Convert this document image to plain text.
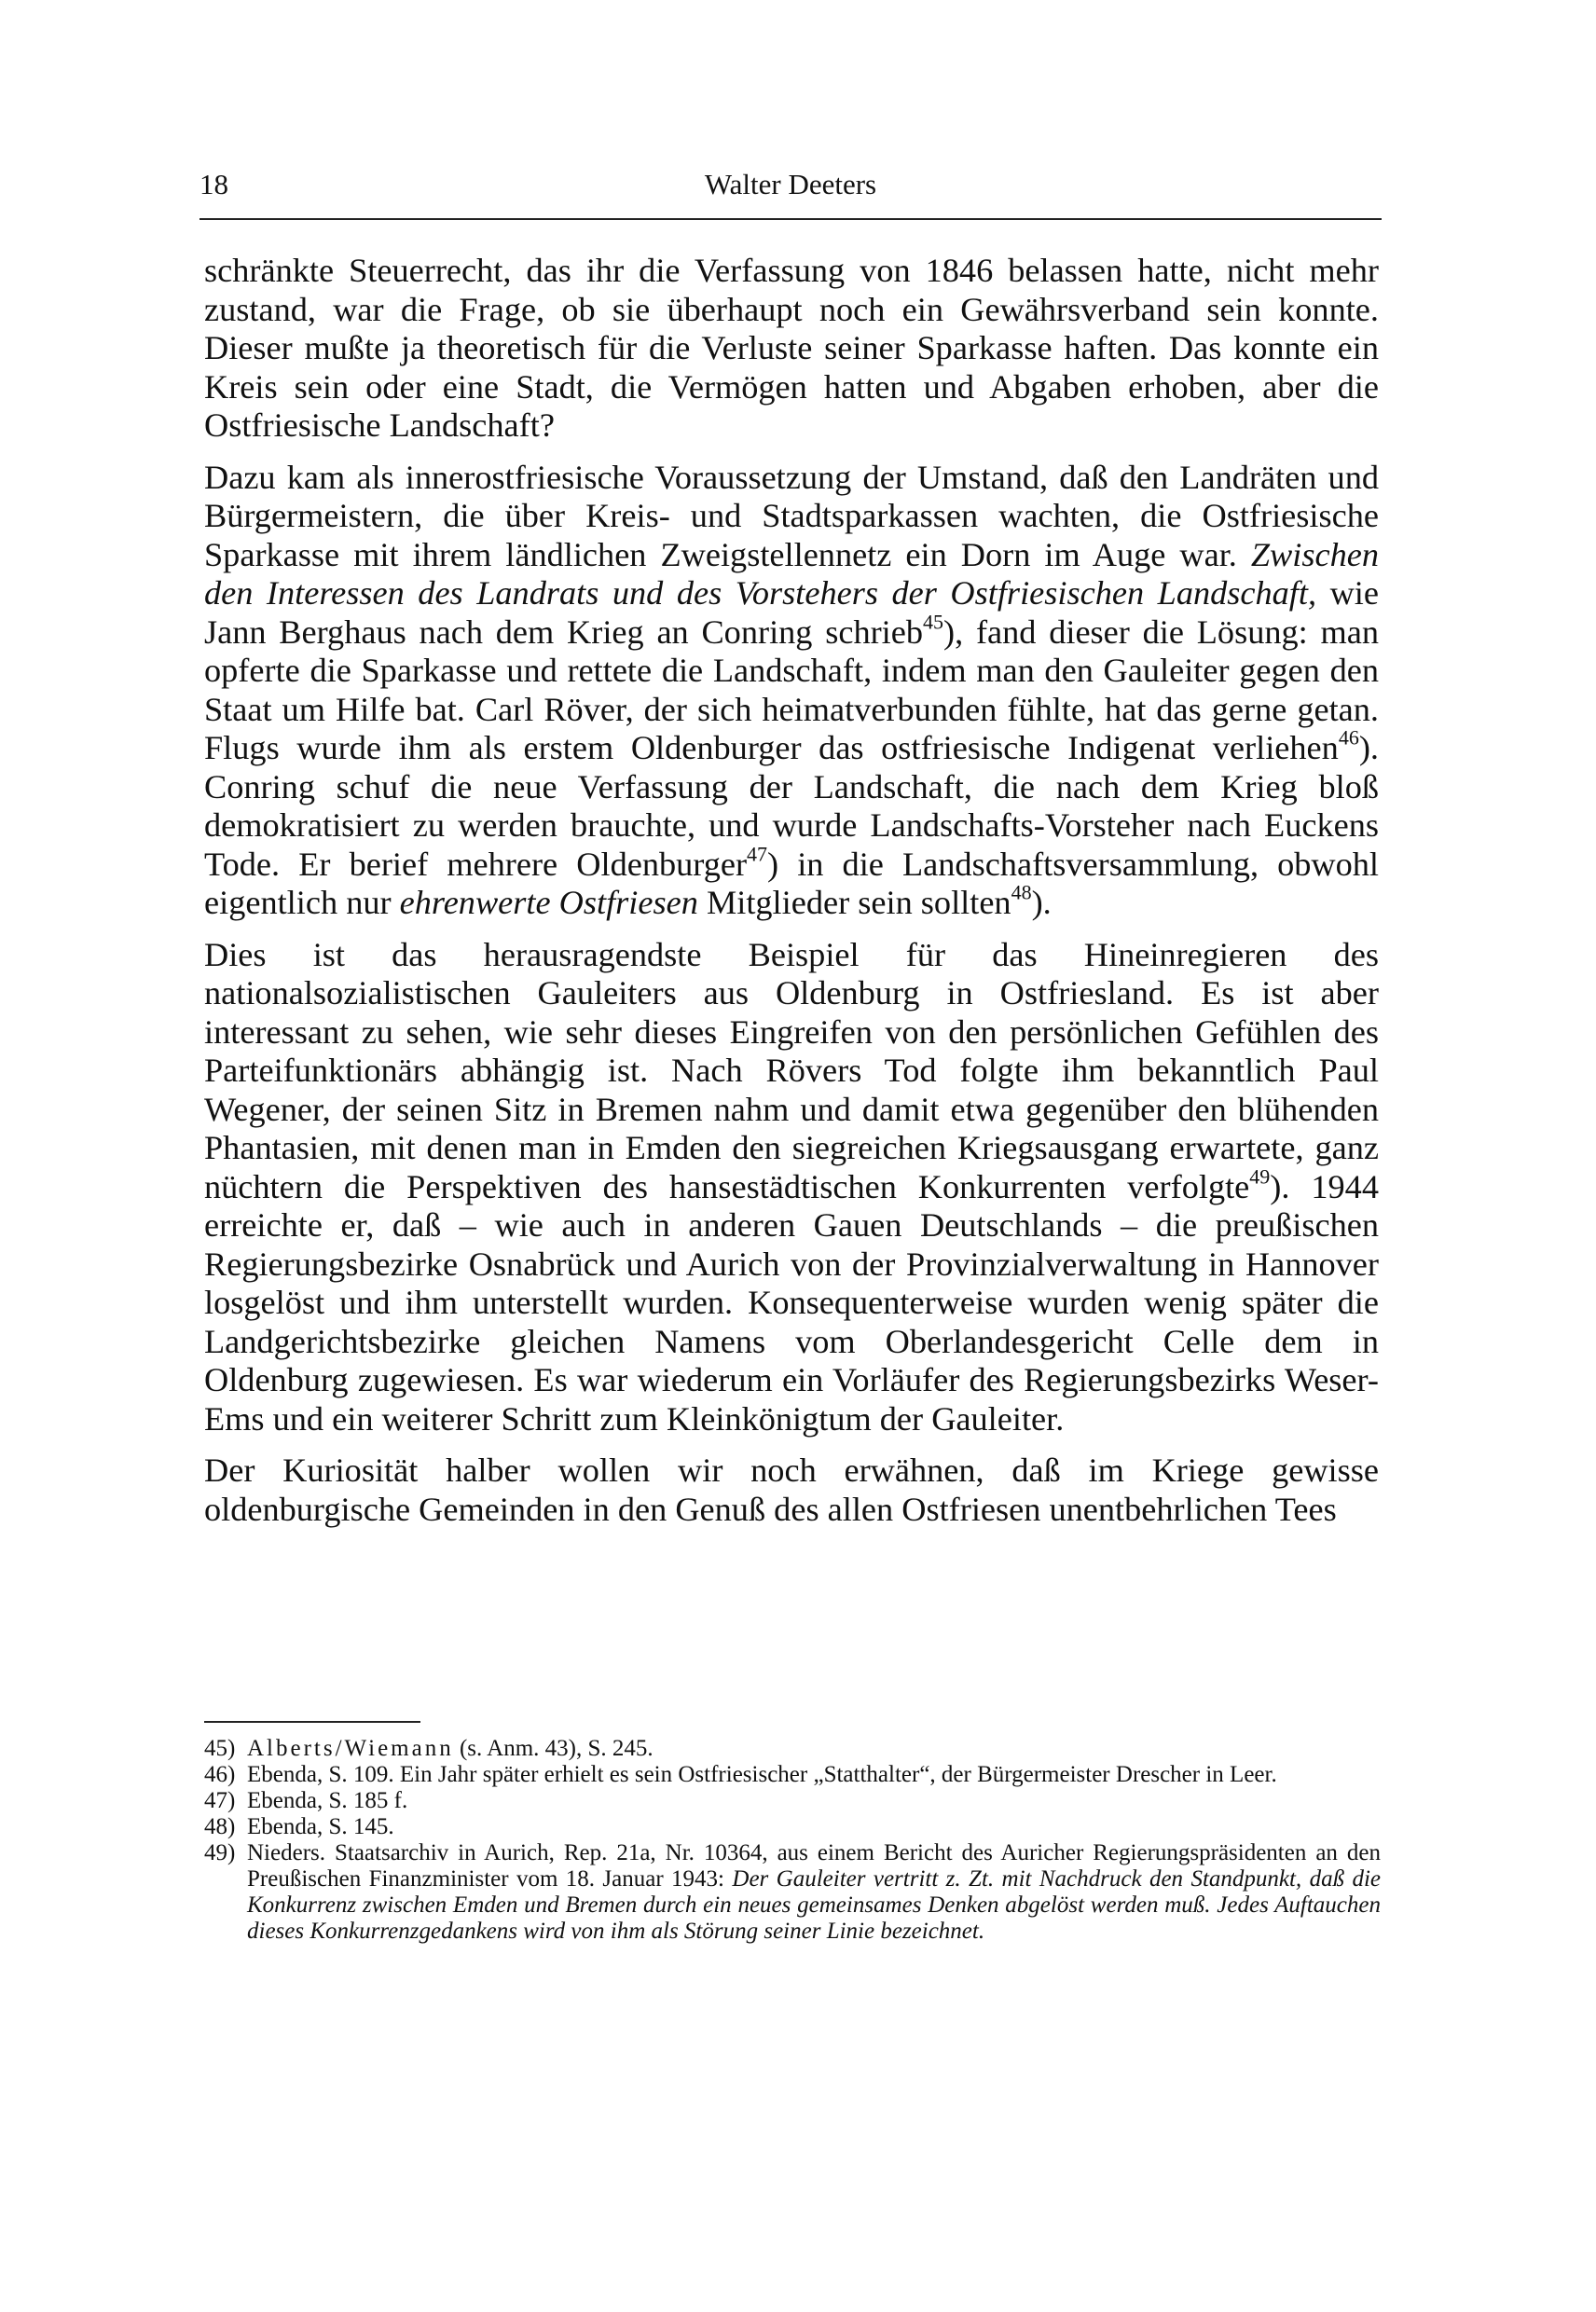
18	Walter Deeters

schränkte Steuerrecht, das ihr die Verfassung von 1846 belassen hatte, nicht mehr zustand, war die Frage, ob sie überhaupt noch ein Gewährsverband sein konnte. Dieser mußte ja theoretisch für die Verluste seiner Sparkasse haften. Das konnte ein Kreis sein oder eine Stadt, die Vermögen hatten und Abgaben erhoben, aber die Ostfriesische Landschaft?

Dazu kam als innerostfriesische Voraussetzung der Umstand, daß den Landräten und Bürgermeistern, die über Kreis- und Stadtsparkassen wachten, die Ostfriesische Sparkasse mit ihrem ländlichen Zweigstellennetz ein Dorn im Auge war. Zwischen den Interessen des Landrats und des Vorstehers der Ostfriesischen Landschaft, wie Jann Berghaus nach dem Krieg an Conring schrieb$^{45}$), fand dieser die Lösung: man opferte die Sparkasse und rettete die Landschaft, indem man den Gauleiter gegen den Staat um Hilfe bat. Carl Röver, der sich heimatverbunden fühlte, hat das gerne getan. Flugs wurde ihm als erstem Oldenburger das ostfriesische Indigenat verliehen$^{46}$). Conring schuf die neue Verfassung der Landschaft, die nach dem Krieg bloß demokratisiert zu werden brauchte, und wurde Landschafts-Vorsteher nach Euckens Tode. Er berief mehrere Oldenburger$^{47}$) in die Landschaftsversammlung, obwohl eigentlich nur ehrenwerte Ostfriesen Mitglieder sein sollten$^{48}$).

Dies ist das herausragendste Beispiel für das Hineinregieren des nationalsozialistischen Gauleiters aus Oldenburg in Ostfriesland. Es ist aber interessant zu sehen, wie sehr dieses Eingreifen von den persönlichen Gefühlen des Parteifunktionärs abhängig ist. Nach Rövers Tod folgte ihm bekanntlich Paul Wegener, der seinen Sitz in Bremen nahm und damit etwa gegenüber den blühenden Phantasien, mit denen man in Emden den siegreichen Kriegsausgang erwartete, ganz nüchtern die Perspektiven des hansestädtischen Konkurrenten verfolgte$^{49}$). 1944 erreichte er, daß – wie auch in anderen Gauen Deutschlands – die preußischen Regierungsbezirke Osnabrück und Aurich von der Provinzialverwaltung in Hannover losgelöst und ihm unterstellt wurden. Konsequenterweise wurden wenig später die Landgerichtsbezirke gleichen Namens vom Oberlandesgericht Celle dem in Oldenburg zugewiesen. Es war wiederum ein Vorläufer des Regierungsbezirks Weser-Ems und ein weiterer Schritt zum Kleinkönigtum der Gauleiter.

Der Kuriosität halber wollen wir noch erwähnen, daß im Kriege gewisse oldenburgische Gemeinden in den Genuß des allen Ostfriesen unentbehrlichen Tees

45) Alberts/Wiemann (s. Anm. 43), S. 245.
46) Ebenda, S. 109. Ein Jahr später erhielt es sein Ostfriesischer „Statthalter“, der Bürgermeister Drescher in Leer.
47) Ebenda, S. 185 f.
48) Ebenda, S. 145.
49) Nieders. Staatsarchiv in Aurich, Rep. 21a, Nr. 10364, aus einem Bericht des Auricher Regierungspräsidenten an den Preußischen Finanzminister vom 18. Januar 1943: Der Gauleiter vertritt z. Zt. mit Nachdruck den Standpunkt, daß die Konkurrenz zwischen Emden und Bremen durch ein neues gemeinsames Denken abgelöst werden muß. Jedes Auftauchen dieses Konkurrenzgedankens wird von ihm als Störung seiner Linie bezeichnet.
